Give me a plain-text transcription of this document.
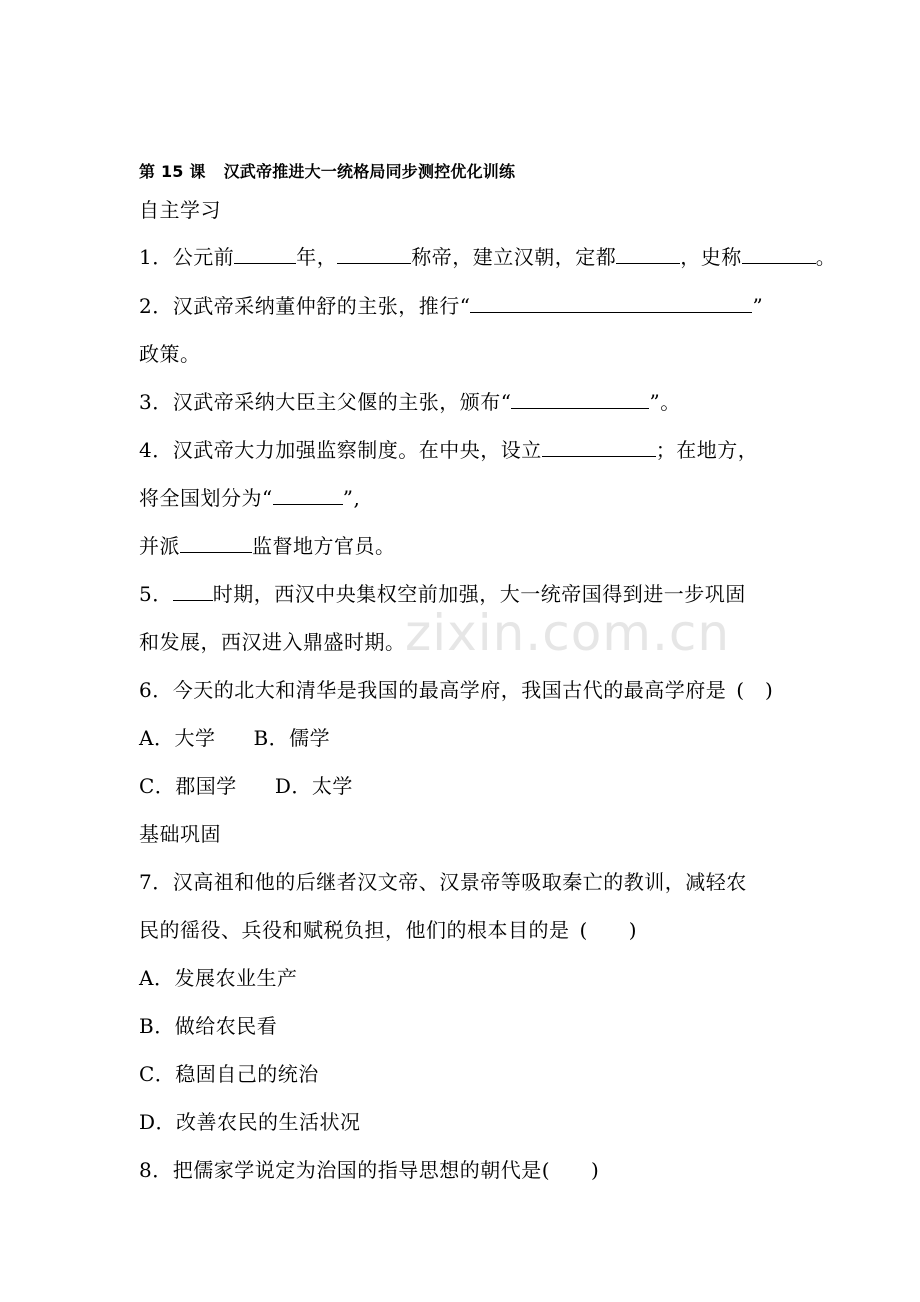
zixin.com.cn
第 15 课 汉武帝推进大一统格局同步测控优化训练
自主学习
1．公元前	年，	称帝，建立汉朝，定都	，史称	。
2．汉武帝采纳董仲舒的主张，推行“	”
政策。
3．汉武帝采纳大臣主父偃的主张，颁布“	”。
4．汉武帝大力加强监察制度。在中央，设立	；在地方，
将全国划分为“	”,
并派	监督地方官员。
5． 时期，西汉中央集权空前加强，大一统帝国得到进一步巩固
和发展，西汉进入鼎盛时期。
6．今天的北大和清华是我国的最高学府，我国古代的最高学府是 (　)
A．大学 B．儒学
C．郡国学 D．太学
基础巩固
7．汉高祖和他的后继者汉文帝、汉景帝等吸取秦亡的教训，减轻农
民的徭役、兵役和赋税负担，他们的根本目的是 (　　)
A．发展农业生产
B．做给农民看
C．稳固自己的统治
D．改善农民的生活状况
8．把儒家学说定为治国的指导思想的朝代是(　　)
